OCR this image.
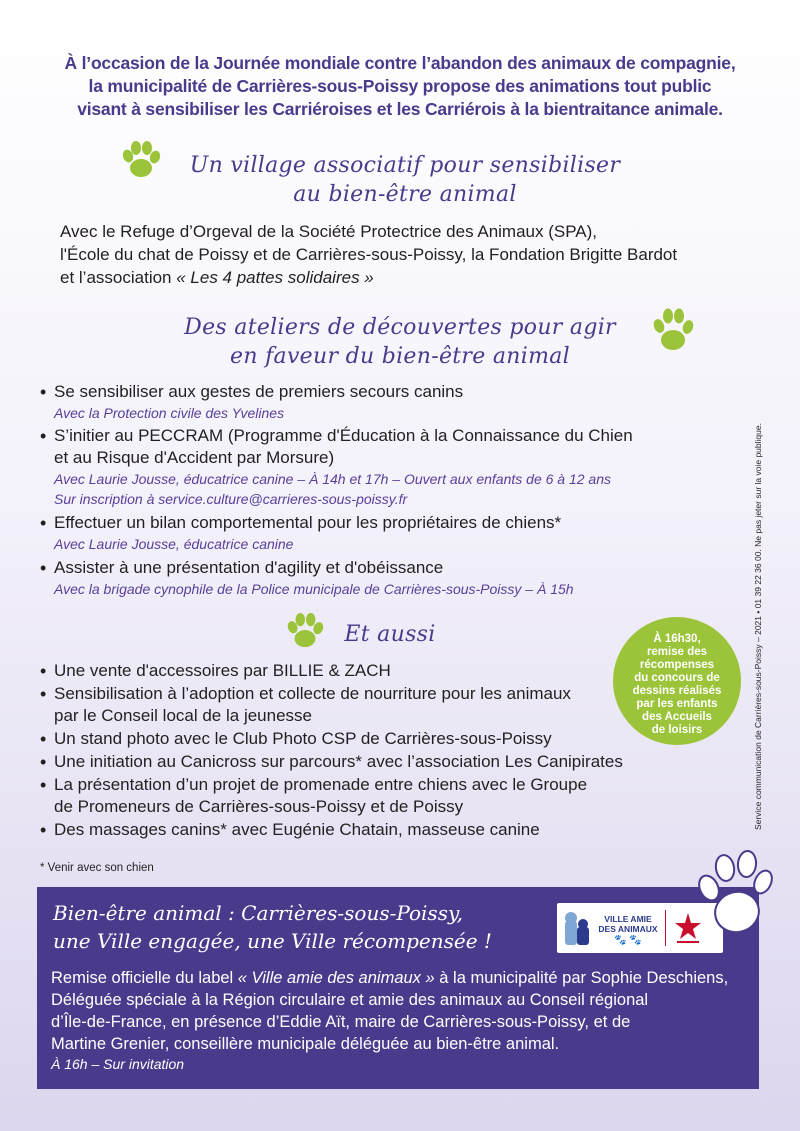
À l’occasion de la Journée mondiale contre l’abandon des animaux de compagnie,
la municipalité de Carrières-sous-Poissy propose des animations tout public
visant à sensibiliser les Carriéroises et les Carriérois à la bientraitance animale.
Un village associatif pour sensibiliser
au bien-être animal
Avec le Refuge d’Orgeval de la Société Protectrice des Animaux (SPA),
l'École du chat de Poissy et de Carrières-sous-Poissy, la Fondation Brigitte Bardot
et l’association « Les 4 pattes solidaires »
Des ateliers de découvertes pour agir
en faveur du bien-être animal
• Se sensibiliser aux gestes de premiers secours canins
Avec la Protection civile des Yvelines
• S’initier au PECCRAM (Programme d'Éducation à la Connaissance du Chien
et au Risque d'Accident par Morsure)
Avec Laurie Jousse, éducatrice canine – À 14h et 17h – Ouvert aux enfants de 6 à 12 ans
Sur inscription à service.culture@carrieres-sous-poissy.fr
• Effectuer un bilan comportemental pour les propriétaires de chiens*
Avec Laurie Jousse, éducatrice canine
• Assister à une présentation d'agility et d'obéissance
Avec la brigade cynophile de la Police municipale de Carrières-sous-Poissy – À 15h
Et aussi
• Une vente d'accessoires par BILLIE & ZACH
• Sensibilisation à l’adoption et collecte de nourriture pour les animaux
par le Conseil local de la jeunesse
• Un stand photo avec le Club Photo CSP de Carrières-sous-Poissy
• Une initiation au Canicross sur parcours* avec l’association Les Canipirates
• La présentation d’un projet de promenade entre chiens avec le Groupe
de Promeneurs de Carrières-sous-Poissy et de Poissy
• Des massages canins* avec Eugénie Chatain, masseuse canine
À 16h30,
remise des
récompenses
du concours de
dessins réalisés
par les enfants
des Accueils
de loisirs	Service communication de Carrières-sous-Poissy – 2021 • 01 39 22 36 00. Ne pas jeter sur la voie publique.
* Venir avec son chien
Bien-être animal : Carrières-sous-Poissy,
une Ville engagée, une Ville récompensée !
VILLE AMIE
DES ANIMAUX
🐾 🐾
Remise officielle du label « Ville amie des animaux » à la municipalité par Sophie Deschiens,
Déléguée spéciale à la Région circulaire et amie des animaux au Conseil régional
d’Île-de-France, en présence d’Eddie Aït, maire de Carrières-sous-Poissy, et de
Martine Grenier, conseillère municipale déléguée au bien-être animal.
À 16h – Sur invitation
